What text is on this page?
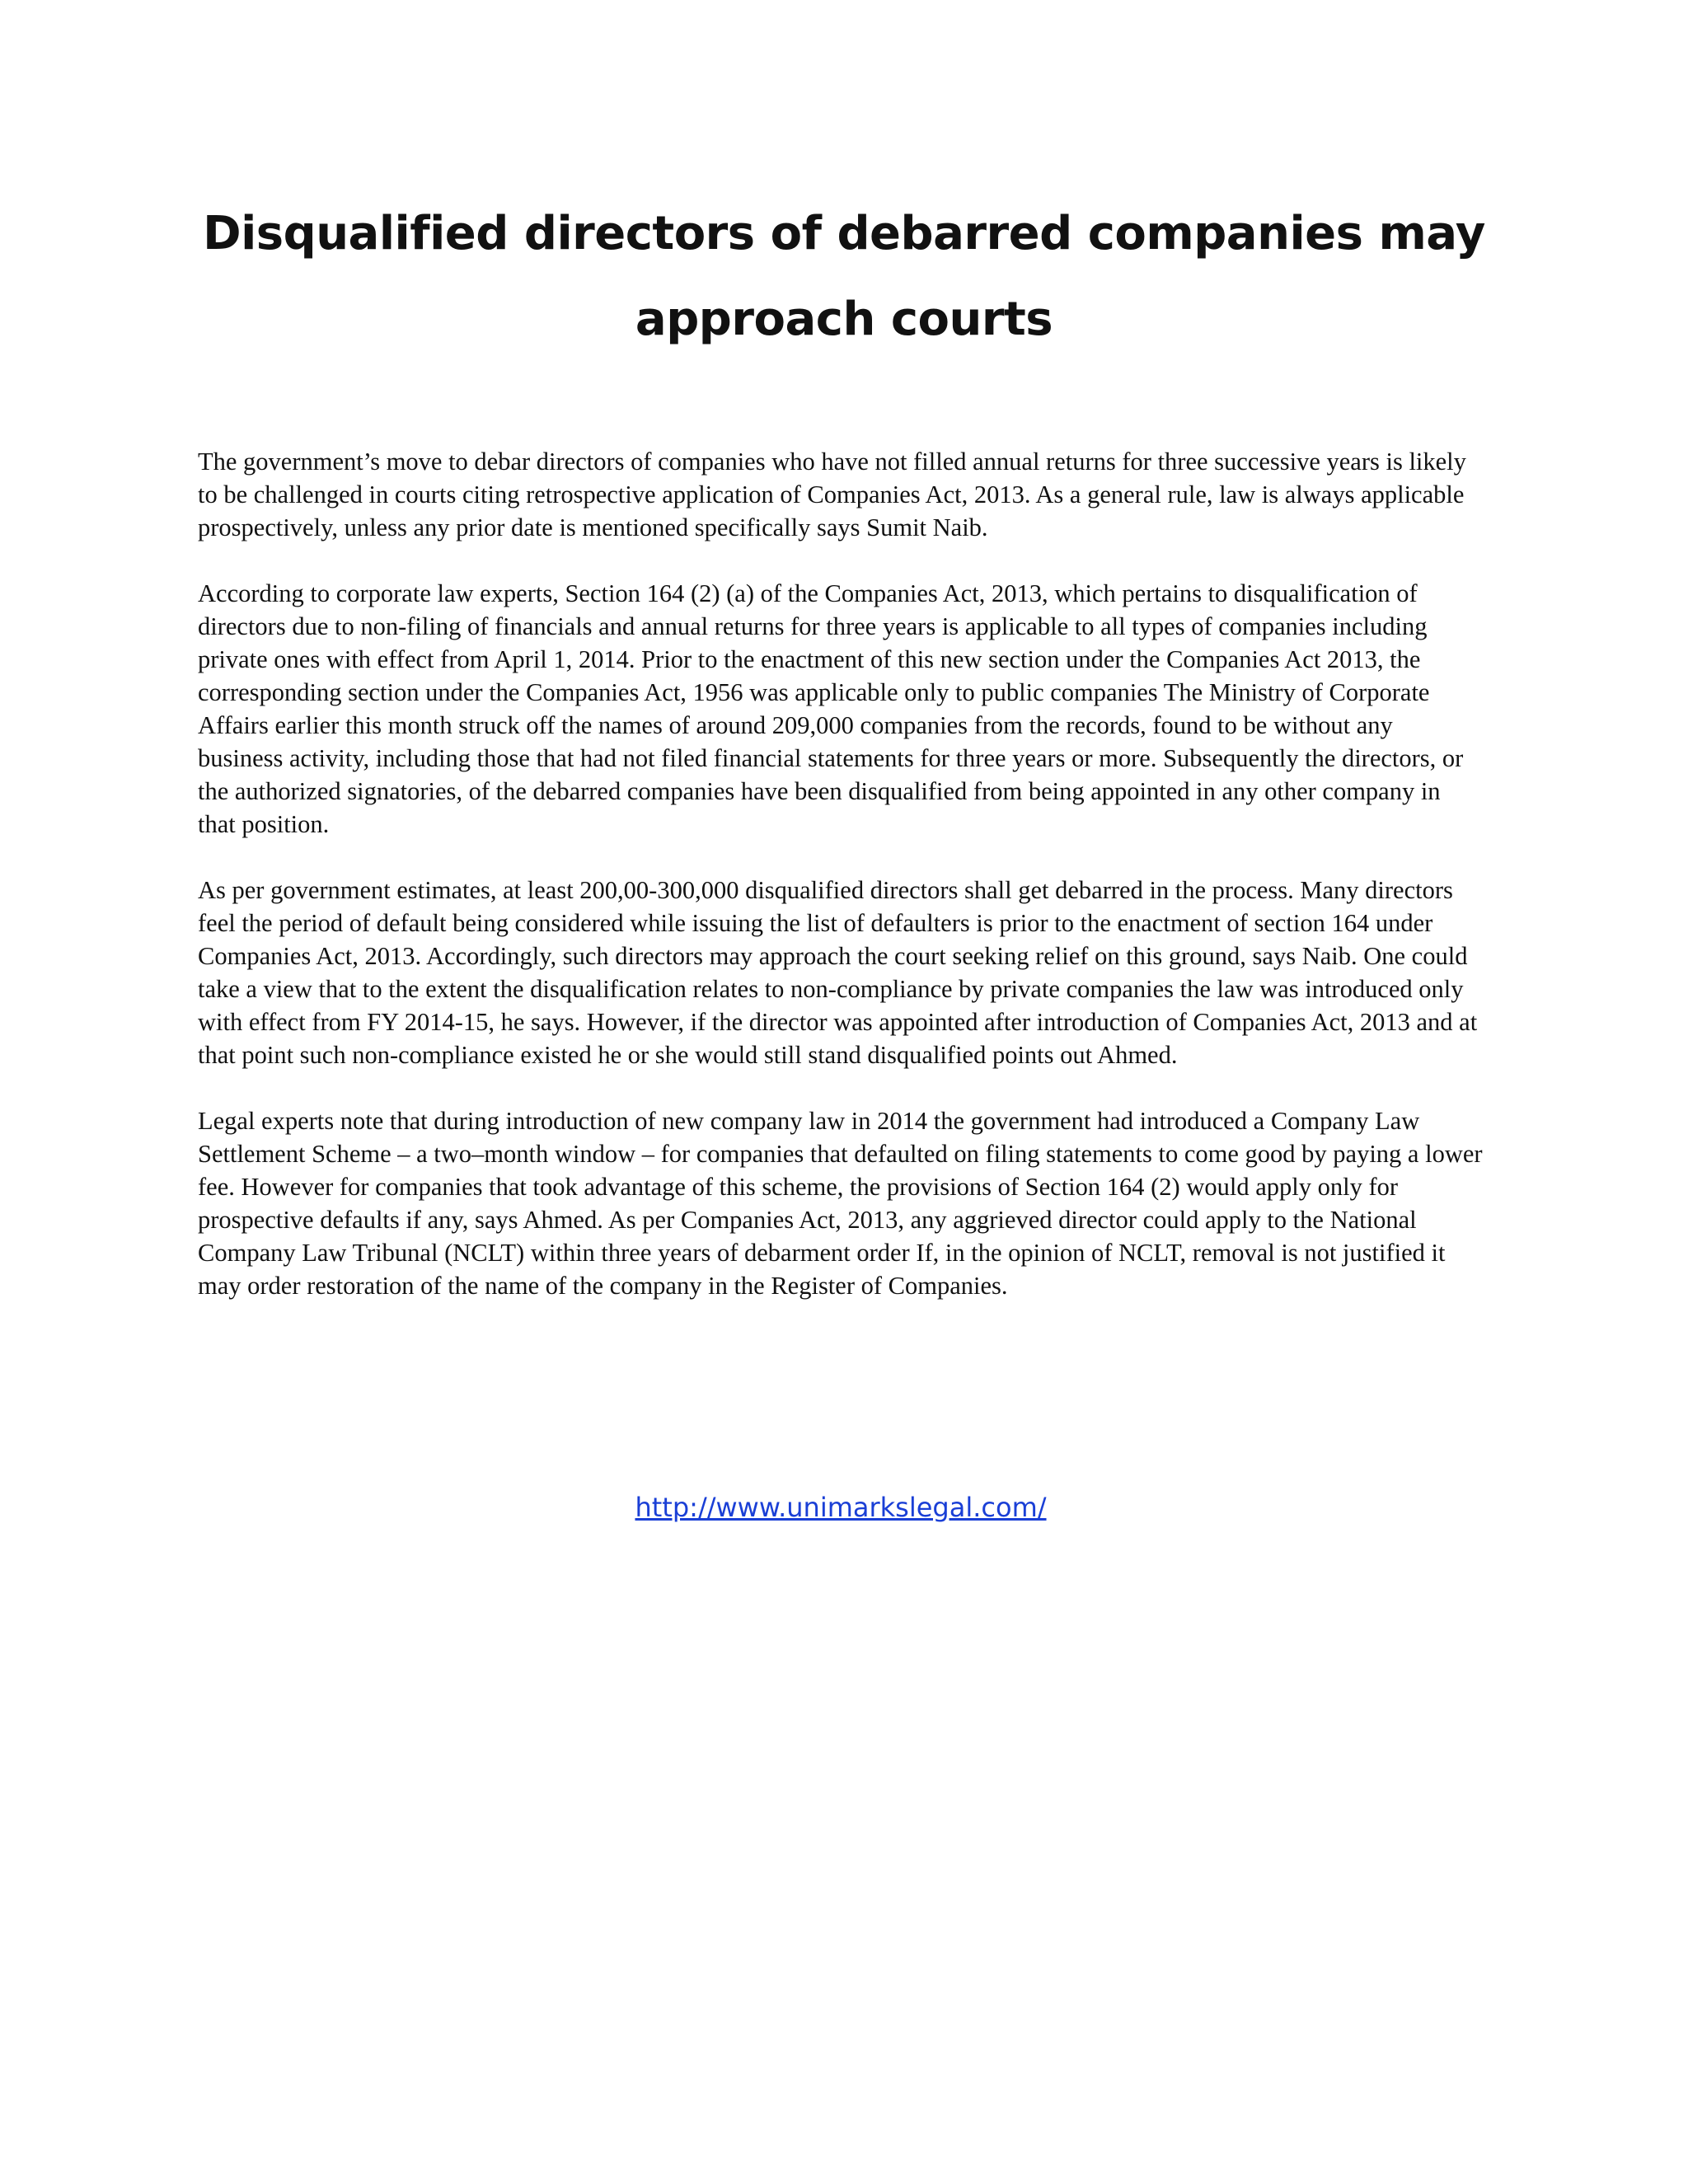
Disqualified directors of debarred companies may approach courts

The government’s move to debar directors of companies who have not filled annual returns for three successive years is likely to be challenged in courts citing retrospective application of Companies Act, 2013. As a general rule, law is always applicable prospectively, unless any prior date is mentioned specifically says Sumit Naib.

According to corporate law experts, Section 164 (2) (a) of the Companies Act, 2013, which pertains to disqualification of directors due to non-filing of financials and annual returns for three years is applicable to all types of companies including private ones with effect from April 1, 2014. Prior to the enactment of this new section under the Companies Act 2013, the corresponding section under the Companies Act, 1956 was applicable only to public companies The Ministry of Corporate Affairs earlier this month struck off the names of around 209,000 companies from the records, found to be without any business activity, including those that had not filed financial statements for three years or more. Subsequently the directors, or the authorized signatories, of the debarred companies have been disqualified from being appointed in any other company in that position.

As per government estimates, at least 200,00-300,000 disqualified directors shall get debarred in the process. Many directors feel the period of default being considered while issuing the list of defaulters is prior to the enactment of section 164 under Companies Act, 2013. Accordingly, such directors may approach the court seeking relief on this ground, says Naib. One could take a view that to the extent the disqualification relates to non-compliance by private companies the law was introduced only with effect from FY 2014-15, he says. However, if the director was appointed after introduction of Companies Act, 2013 and at that point such non-compliance existed he or she would still stand disqualified points out Ahmed.

Legal experts note that during introduction of new company law in 2014 the government had introduced a Company Law Settlement Scheme – a two–month window – for companies that defaulted on filing statements to come good by paying a lower fee. However for companies that took advantage of this scheme, the provisions of Section 164 (2) would apply only for prospective defaults if any, says Ahmed. As per Companies Act, 2013, any aggrieved director could apply to the National Company Law Tribunal (NCLT) within three years of debarment order If, in the opinion of NCLT, removal is not justified it may order restoration of the name of the company in the Register of Companies.

http://www.unimarkslegal.com/
